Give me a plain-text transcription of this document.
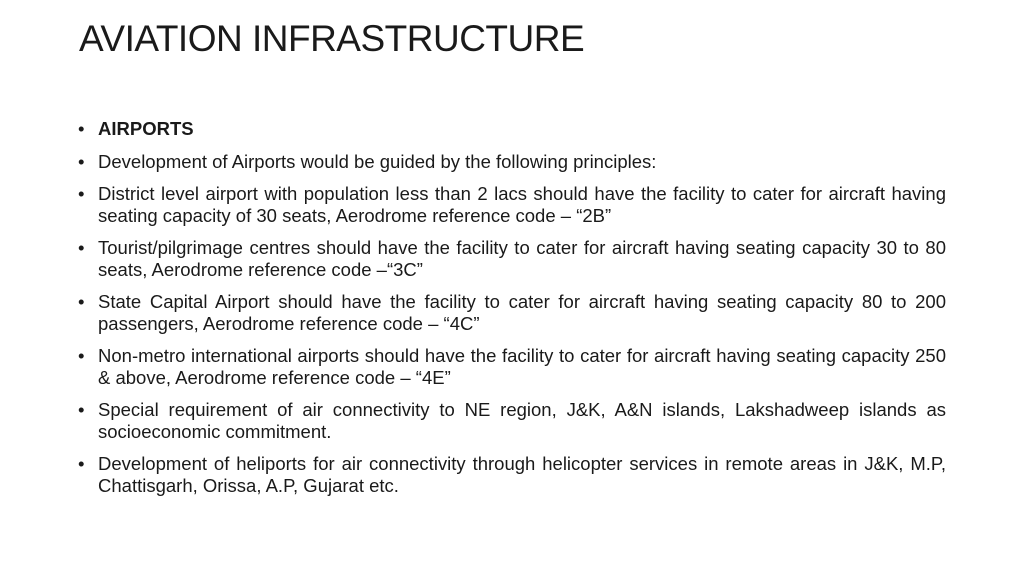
AVIATION INFRASTRUCTURE
• AIRPORTS
• Development of Airports would be guided by the following principles:
• District level airport with population less than 2 lacs should have the facility to cater for aircraft having seating capacity of 30 seats, Aerodrome reference code – “2B”
• Tourist/pilgrimage centres should have the facility to cater for aircraft having seating capacity 30 to 80 seats, Aerodrome reference code –“3C”
• State Capital Airport should have the facility to cater for aircraft having seating capacity 80 to 200 passengers, Aerodrome reference code – “4C”
• Non-metro international airports should have the facility to cater for aircraft having seating capacity 250 & above, Aerodrome reference code – “4E”
• Special requirement of air connectivity to NE region, J&K, A&N islands, Lakshadweep islands as socioeconomic commitment.
• Development of heliports for air connectivity through helicopter services in remote areas in J&K, M.P, Chattisgarh, Orissa, A.P, Gujarat etc.
